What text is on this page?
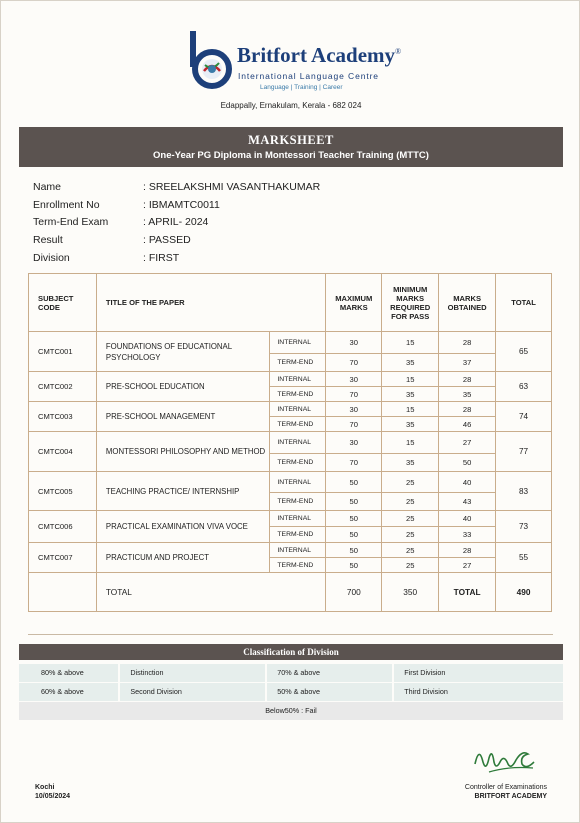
Britfort Academy®
International Language Centre
Language | Training | Career
Edappally, Ernakulam, Kerala - 682 024
MARKSHEET
One-Year PG Diploma in Montessori Teacher Training (MTTC)
Name	: SREELAKSHMI VASANTHAKUMAR
Enrollment No	: IBMAMTC0011
Term-End Exam	: APRIL- 2024
Result	: PASSED
Division	: FIRST
SUBJECT CODE	TITLE OF THE PAPER		MAXIMUM MARKS	MINIMUM MARKS REQUIRED FOR PASS	MARKS OBTAINED	TOTAL
CMTC001	FOUNDATIONS OF EDUCATIONAL PSYCHOLOGY	INTERNAL	30	15	28	65
		TERM-END	70	35	37	
CMTC002	PRE-SCHOOL EDUCATION	INTERNAL	30	15	28	63
		TERM-END	70	35	35	
CMTC003	PRE-SCHOOL MANAGEMENT	INTERNAL	30	15	28	74
		TERM-END	70	35	46	
CMTC004	MONTESSORI PHILOSOPHY AND METHOD	INTERNAL	30	15	27	77
		TERM-END	70	35	50	
CMTC005	TEACHING PRACTICE/ INTERNSHIP	INTERNAL	50	25	40	83
		TERM-END	50	25	43	
CMTC006	PRACTICAL EXAMINATION VIVA VOCE	INTERNAL	50	25	40	73
		TERM-END	50	25	33	
CMTC007	PRACTICUM AND PROJECT	INTERNAL	50	25	28	55
		TERM-END	50	25	27	
	TOTAL		700	350	TOTAL	490
Classification of Division
80% & above	Distinction	70% & above	First Division
60% & above	Second Division	50% & above	Third Division
Below50% : Fail
Kochi
10/05/2024
Controller of Examinations
BRITFORT ACADEMY
